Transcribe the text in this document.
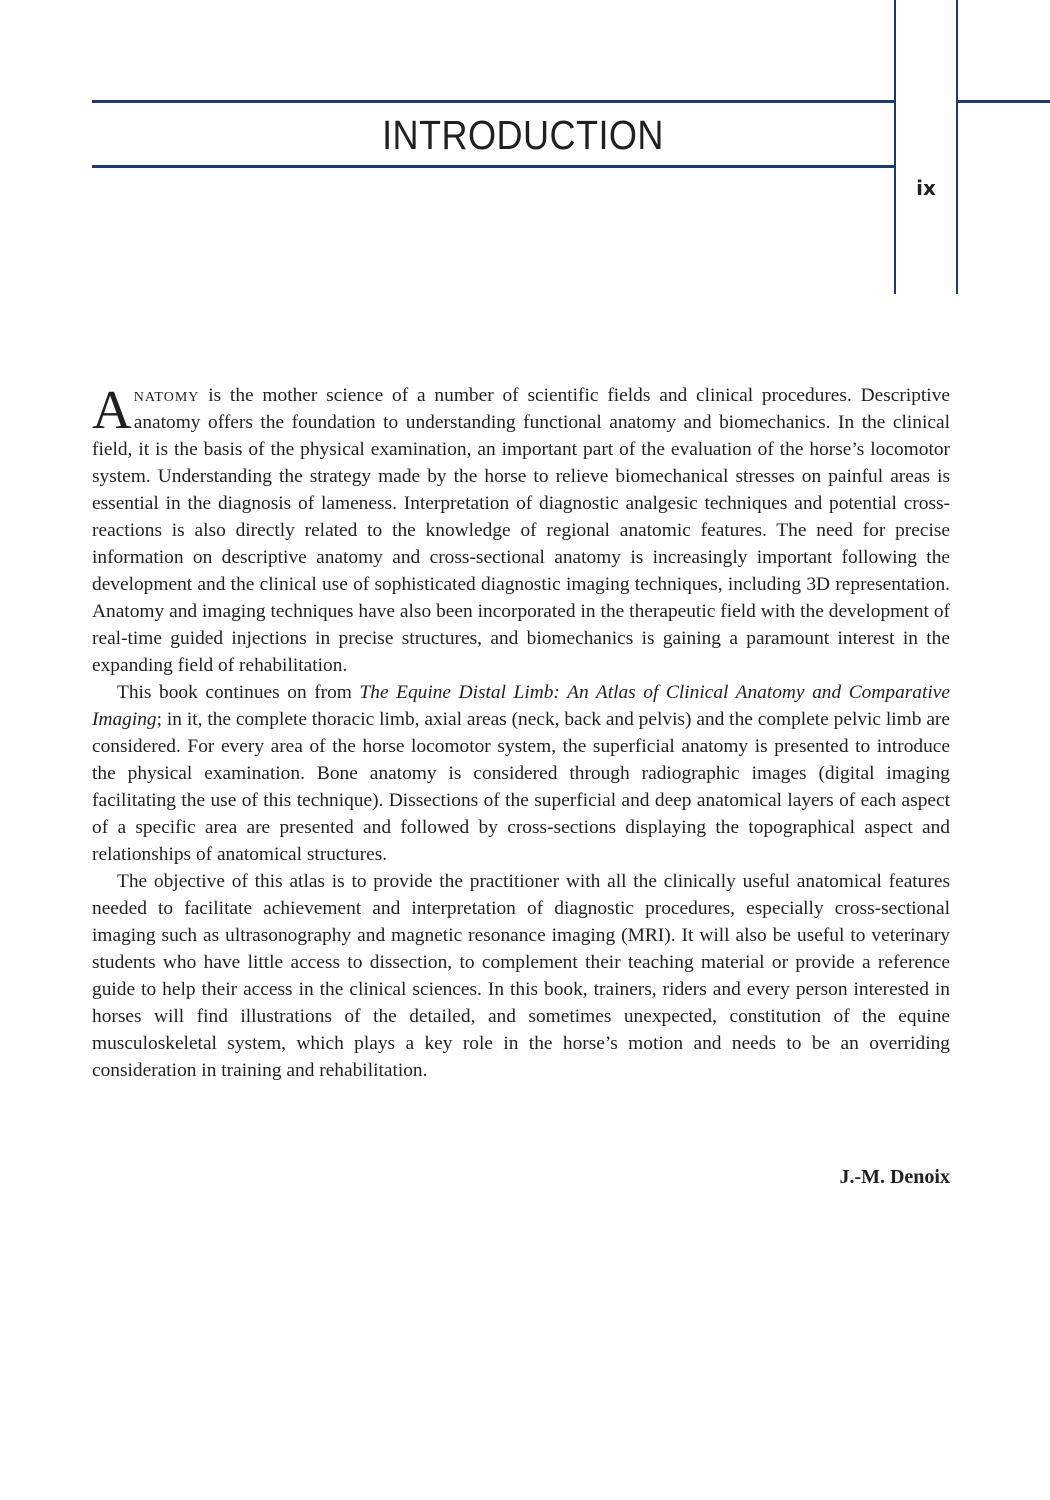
INTRODUCTION
ix

Anatomy is the mother science of a number of scientific fields and clinical procedures. Descriptive anatomy offers the foundation to understanding functional anatomy and biomechanics. In the clinical field, it is the basis of the physical examination, an important part of the evaluation of the horse’s locomotor system. Understanding the strategy made by the horse to relieve biomechanical stresses on painful areas is essential in the diagnosis of lameness. Interpretation of diagnostic analgesic techniques and potential cross-reactions is also directly related to the knowledge of regional anatomic features. The need for precise information on descriptive anatomy and cross-sectional anatomy is increasingly important following the development and the clinical use of sophisticated diagnostic imaging techniques, including 3D representation. Anatomy and imaging techniques have also been incorporated in the therapeutic field with the development of real-time guided injections in precise structures, and biomechanics is gaining a paramount interest in the expanding field of rehabilitation.

This book continues on from The Equine Distal Limb: An Atlas of Clinical Anatomy and Comparative Imaging; in it, the complete thoracic limb, axial areas (neck, back and pelvis) and the complete pelvic limb are considered. For every area of the horse locomotor system, the superficial anatomy is presented to introduce the physical examination. Bone anatomy is considered through radiographic images (digital imaging facilitating the use of this technique). Dissections of the superficial and deep anatomical layers of each aspect of a specific area are presented and followed by cross-sections displaying the topographical aspect and relationships of anatomical structures.

The objective of this atlas is to provide the practitioner with all the clinically useful anatomical features needed to facilitate achievement and interpretation of diagnostic procedures, especially cross-sectional imaging such as ultrasonography and magnetic resonance imaging (MRI). It will also be useful to veterinary students who have little access to dissection, to complement their teaching material or provide a reference guide to help their access in the clinical sciences. In this book, trainers, riders and every person interested in horses will find illustrations of the detailed, and sometimes unexpected, constitution of the equine musculoskeletal system, which plays a key role in the horse’s motion and needs to be an overriding consideration in training and rehabilitation.

J.-M. Denoix
